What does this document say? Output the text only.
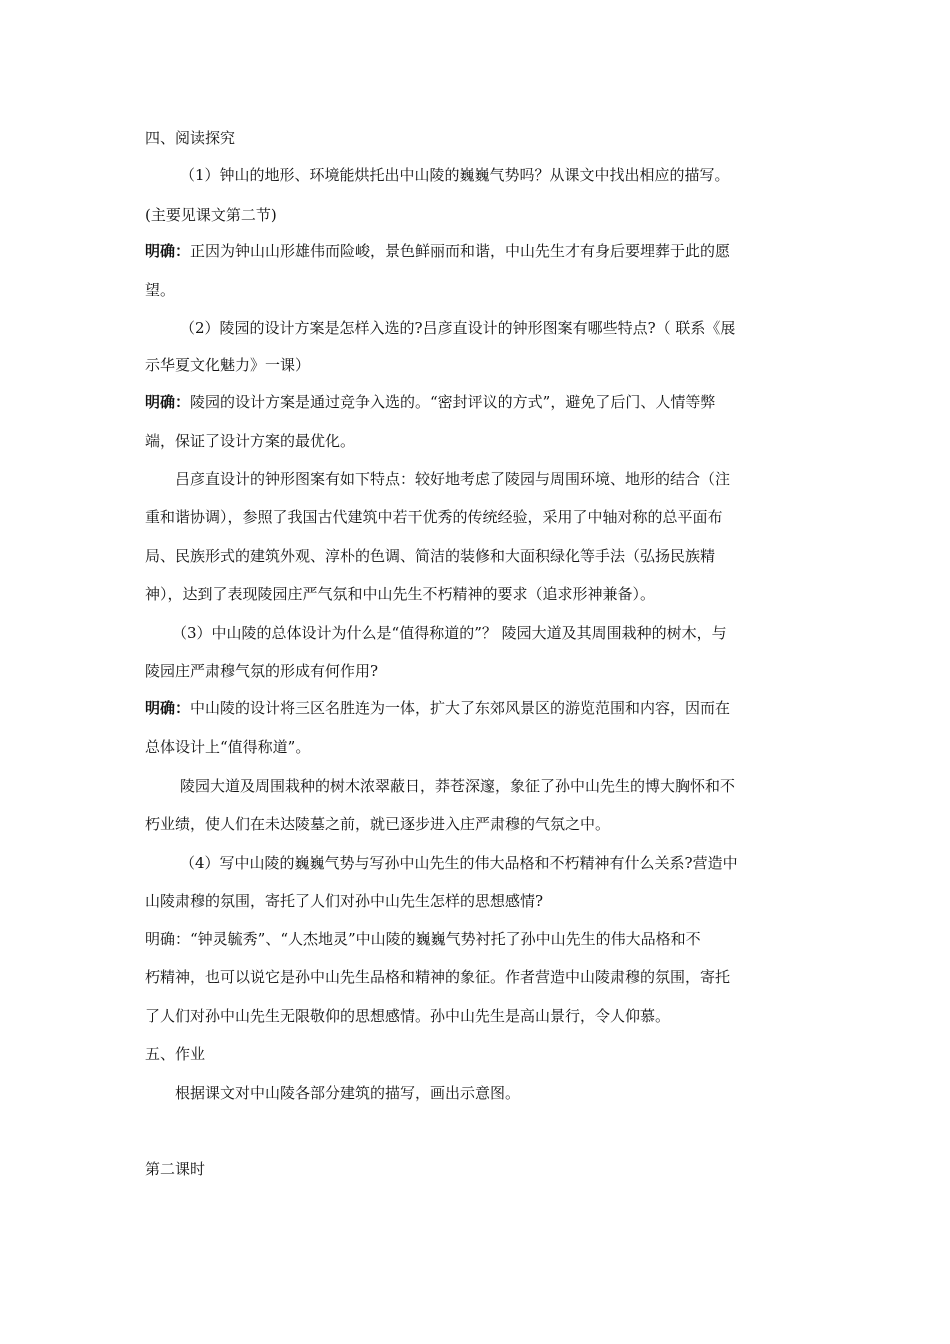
四、阅读探究
（1）钟山的地形、环境能烘托出中山陵的巍巍气势吗？从课文中找出相应的描写。
(主要见课文第二节)
明确：正因为钟山山形雄伟而险峻，景色鲜丽而和谐，中山先生才有身后要埋葬于此的愿
望。
（2）陵园的设计方案是怎样入选的?吕彦直设计的钟形图案有哪些特点?（ 联系《展
示华夏文化魅力》一课）
明确：陵园的设计方案是通过竞争入选的。“密封评议的方式”，避免了后门、人情等弊
端，保证了设计方案的最优化。
吕彦直设计的钟形图案有如下特点：较好地考虑了陵园与周围环境、地形的结合（注
重和谐协调），参照了我国古代建筑中若干优秀的传统经验，采用了中轴对称的总平面布
局、民族形式的建筑外观、淳朴的色调、简洁的装修和大面积绿化等手法（弘扬民族精
神），达到了表现陵园庄严气氛和中山先生不朽精神的要求（追求形神兼备）。
（3）中山陵的总体设计为什么是“值得称道的”？ 陵园大道及其周围栽种的树木，与
陵园庄严肃穆气氛的形成有何作用?
明确：中山陵的设计将三区名胜连为一体，扩大了东郊风景区的游览范围和内容，因而在
总体设计上“值得称道”。
陵园大道及周围栽种的树木浓翠蔽日，莽苍深邃，象征了孙中山先生的博大胸怀和不
朽业绩，使人们在未达陵墓之前，就已逐步进入庄严肃穆的气氛之中。
（4）写中山陵的巍巍气势与写孙中山先生的伟大品格和不朽精神有什么关系?营造中
山陵肃穆的氛围，寄托了人们对孙中山先生怎样的思想感情?
明确：“钟灵毓秀”、“人杰地灵”中山陵的巍巍气势衬托了孙中山先生的伟大品格和不
朽精神，也可以说它是孙中山先生品格和精神的象征。作者营造中山陵肃穆的氛围，寄托
了人们对孙中山先生无限敬仰的思想感情。孙中山先生是高山景行，令人仰慕。
五、作业
根据课文对中山陵各部分建筑的描写，画出示意图。
第二课时
